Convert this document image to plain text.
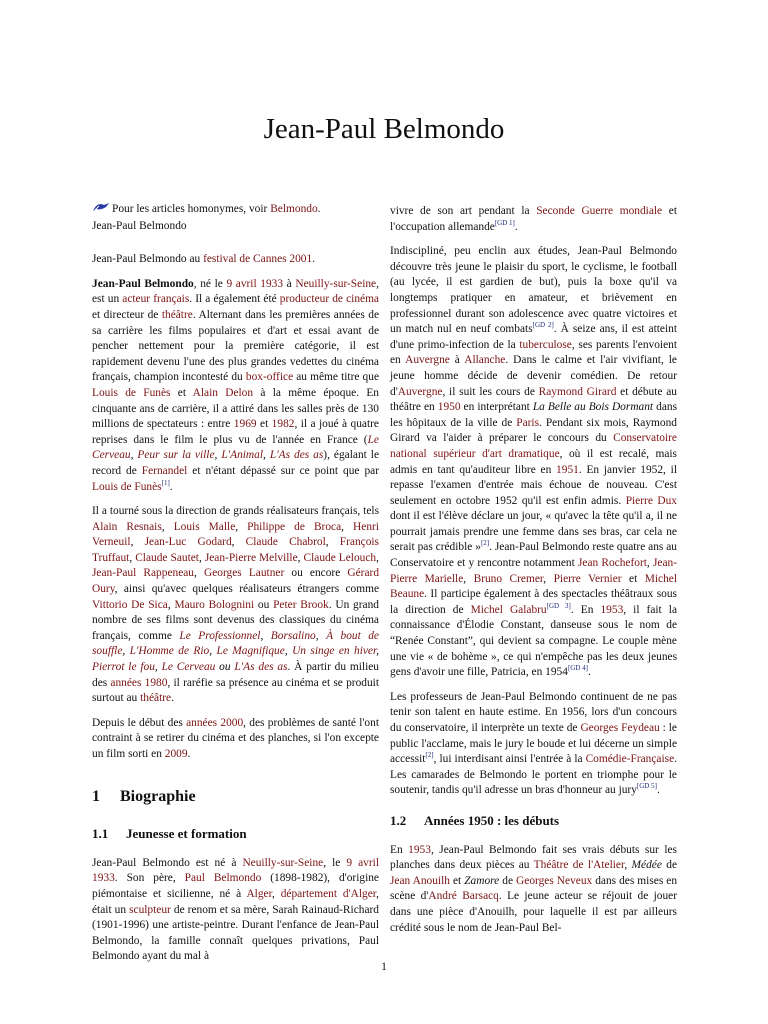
Jean-Paul Belmondo

Pour les articles homonymes, voir Belmondo.

Jean-Paul Belmondo

Jean-Paul Belmondo au festival de Cannes 2001.

Jean-Paul Belmondo, né le 9 avril 1933 à Neuilly-sur-Seine, est un acteur français. Il a également été producteur de cinéma et directeur de théâtre. Alternant dans les premières années de sa carrière les films populaires et d'art et essai avant de pencher nettement pour la première catégorie, il est rapidement devenu l'une des plus grandes vedettes du cinéma français, champion incontesté du box-office au même titre que Louis de Funès et Alain Delon à la même époque. En cinquante ans de carrière, il a attiré dans les salles près de 130 millions de spectateurs : entre 1969 et 1982, il a joué à quatre reprises dans le film le plus vu de l'année en France (Le Cerveau, Peur sur la ville, L'Animal, L'As des as), égalant le record de Fernandel et n'étant dépassé sur ce point que par Louis de Funès[1].

Il a tourné sous la direction de grands réalisateurs français, tels Alain Resnais, Louis Malle, Philippe de Broca, Henri Verneuil, Jean-Luc Godard, Claude Chabrol, François Truffaut, Claude Sautet, Jean-Pierre Melville, Claude Lelouch, Jean-Paul Rappeneau, Georges Lautner ou encore Gérard Oury, ainsi qu'avec quelques réalisateurs étrangers comme Vittorio De Sica, Mauro Bolognini ou Peter Brook. Un grand nombre de ses films sont devenus des classiques du cinéma français, comme Le Professionnel, Borsalino, À bout de souffle, L'Homme de Rio, Le Magnifique, Un singe en hiver, Pierrot le fou, Le Cerveau ou L'As des as. À partir du milieu des années 1980, il raréfie sa présence au cinéma et se produit surtout au théâtre.

Depuis le début des années 2000, des problèmes de santé l'ont contraint à se retirer du cinéma et des planches, si l'on excepte un film sorti en 2009.

1 Biographie
1.1 Jeunesse et formation

Jean-Paul Belmondo est né à Neuilly-sur-Seine, le 9 avril 1933. Son père, Paul Belmondo (1898-1982), d'origine piémontaise et sicilienne, né à Alger, département d'Alger, était un sculpteur de renom et sa mère, Sarah Rainaud-Richard (1901-1996) une artiste-peintre. Durant l'enfance de Jean-Paul Belmondo, la famille connaît quelques privations, Paul Belmondo ayant du mal à

vivre de son art pendant la Seconde Guerre mondiale et l'occupation allemande[GD 1].

Indiscipliné, peu enclin aux études, Jean-Paul Belmondo découvre très jeune le plaisir du sport, le cyclisme, le football (au lycée, il est gardien de but), puis la boxe qu'il va longtemps pratiquer en amateur, et brièvement en professionnel durant son adolescence avec quatre victoires et un match nul en neuf combats[GD 2]. À seize ans, il est atteint d'une primo-infection de la tuberculose, ses parents l'envoient en Auvergne à Allanche. Dans le calme et l'air vivifiant, le jeune homme décide de devenir comédien. De retour d'Auvergne, il suit les cours de Raymond Girard et débute au théâtre en 1950 en interprétant La Belle au Bois Dormant dans les hôpitaux de la ville de Paris. Pendant six mois, Raymond Girard va l'aider à préparer le concours du Conservatoire national supérieur d'art dramatique, où il est recalé, mais admis en tant qu'auditeur libre en 1951. En janvier 1952, il repasse l'examen d'entrée mais échoue de nouveau. C'est seulement en octobre 1952 qu'il est enfin admis. Pierre Dux dont il est l'élève déclare un jour, « qu'avec la tête qu'il a, il ne pourrait jamais prendre une femme dans ses bras, car cela ne serait pas crédible »[2]. Jean-Paul Belmondo reste quatre ans au Conservatoire et y rencontre notamment Jean Rochefort, Jean-Pierre Marielle, Bruno Cremer, Pierre Vernier et Michel Beaune. Il participe également à des spectacles théâtraux sous la direction de Michel Galabru[GD 3]. En 1953, il fait la connaissance d'Élodie Constant, danseuse sous le nom de “Renée Constant”, qui devient sa compagne. Le couple mène une vie « de bohème », ce qui n'empêche pas les deux jeunes gens d'avoir une fille, Patricia, en 1954[GD 4].

Les professeurs de Jean-Paul Belmondo continuent de ne pas tenir son talent en haute estime. En 1956, lors d'un concours du conservatoire, il interprète un texte de Georges Feydeau : le public l'acclame, mais le jury le boude et lui décerne un simple accessit[2], lui interdisant ainsi l'entrée à la Comédie-Française. Les camarades de Belmondo le portent en triomphe pour le soutenir, tandis qu'il adresse un bras d'honneur au jury[GD 5].

1.2 Années 1950 : les débuts

En 1953, Jean-Paul Belmondo fait ses vrais débuts sur les planches dans deux pièces au Théâtre de l'Atelier, Médée de Jean Anouilh et Zamore de Georges Neveux dans des mises en scène d'André Barsacq. Le jeune acteur se réjouit de jouer dans une pièce d'Anouilh, pour laquelle il est par ailleurs crédité sous le nom de Jean-Paul Bel-

1
